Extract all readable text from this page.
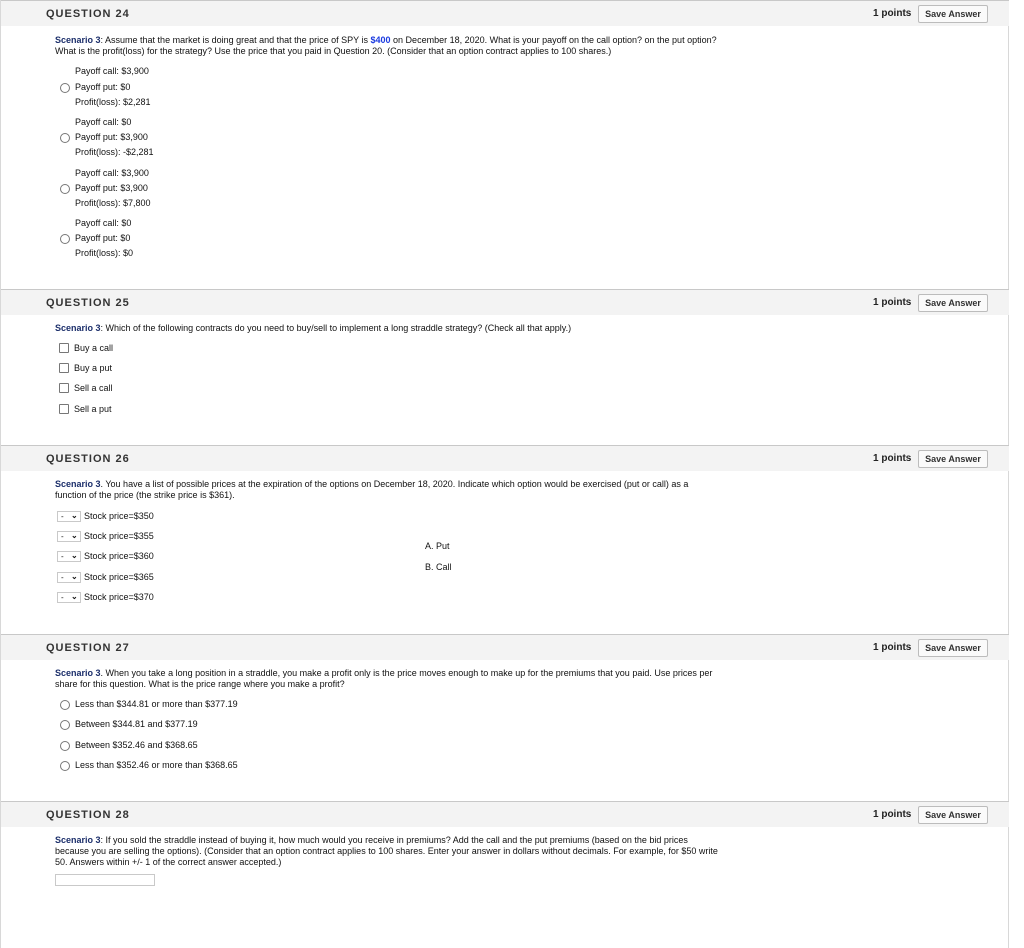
QUESTION 24	1 points	Save Answer
Scenario 3: Assume that the market is doing great and that the price of SPY is $400 on December 18, 2020. What is your payoff on the call option? on the put option?
What is the profit(loss) for the strategy? Use the price that you paid in Question 20. (Consider that an option contract applies to 100 shares.)
Payoff call: $3,900
Payoff put: $0
Profit(loss): $2,281
Payoff call: $0
Payoff put: $3,900
Profit(loss): -$2,281
Payoff call: $3,900
Payoff put: $3,900
Profit(loss): $7,800
Payoff call: $0
Payoff put: $0
Profit(loss): $0
QUESTION 25	1 points	Save Answer
Scenario 3: Which of the following contracts do you need to buy/sell to implement a long straddle strategy? (Check all that apply.)
Buy a call
Buy a put
Sell a call
Sell a put
QUESTION 26	1 points	Save Answer
Scenario 3. You have a list of possible prices at the expiration of the options on December 18, 2020. Indicate which option would be exercised (put or call) as a
function of the price (the strike price is $361).
- ⌄ Stock price=$350
- ⌄ Stock price=$355
- ⌄ Stock price=$360
- ⌄ Stock price=$365
- ⌄ Stock price=$370
A. Put
B. Call
QUESTION 27	1 points	Save Answer
Scenario 3. When you take a long position in a straddle, you make a profit only is the price moves enough to make up for the premiums that you paid. Use prices per
share for this question. What is the price range where you make a profit?
Less than $344.81 or more than $377.19
Between $344.81 and $377.19
Between $352.46 and $368.65
Less than $352.46 or more than $368.65
QUESTION 28	1 points	Save Answer
Scenario 3: If you sold the straddle instead of buying it, how much would you receive in premiums? Add the call and the put premiums (based on the bid prices
because you are selling the options). (Consider that an option contract applies to 100 shares. Enter your answer in dollars without decimals. For example, for $50 write
50. Answers within +/- 1 of the correct answer accepted.)
